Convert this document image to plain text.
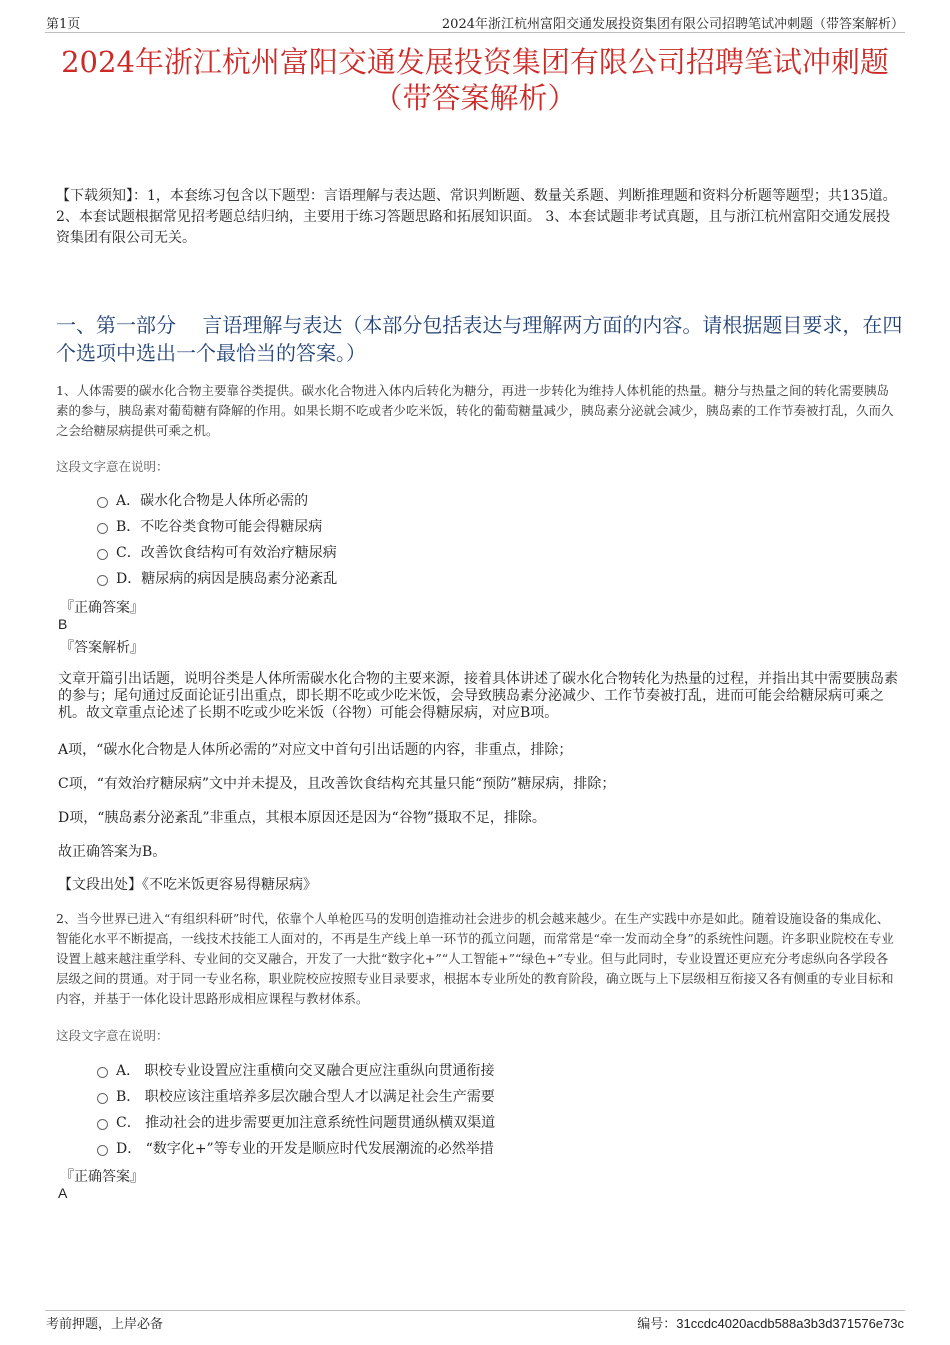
第1页	2024年浙江杭州富阳交通发展投资集团有限公司招聘笔试冲刺题（带答案解析）
2024年浙江杭州富阳交通发展投资集团有限公司招聘笔试冲刺题（带答案解析）
【下载须知】：1，本套练习包含以下题型：言语理解与表达题、常识判断题、数量关系题、判断推理题和资料分析题等题型；共135道。 2、本套试题根据常见招考题总结归纳，主要用于练习答题思路和拓展知识面。 3、本套试题非考试真题，且与浙江杭州富阳交通发展投资集团有限公司无关。
一、第一部分　 言语理解与表达（本部分包括表达与理解两方面的内容。请根据题目要求，在四个选项中选出一个最恰当的答案。）
1、人体需要的碳水化合物主要靠谷类提供。碳水化合物进入体内后转化为糖分，再进一步转化为维持人体机能的热量。糖分与热量之间的转化需要胰岛素的参与，胰岛素对葡萄糖有降解的作用。如果长期不吃或者少吃米饭，转化的葡萄糖量减少，胰岛素分泌就会减少，胰岛素的工作节奏被打乱，久而久之会给糖尿病提供可乘之机。
这段文字意在说明：
A．碳水化合物是人体所必需的
B．不吃谷类食物可能会得糖尿病
C．改善饮食结构可有效治疗糖尿病
D．糖尿病的病因是胰岛素分泌紊乱
『正确答案』
B
『答案解析』
文章开篇引出话题，说明谷类是人体所需碳水化合物的主要来源，接着具体讲述了碳水化合物转化为热量的过程，并指出其中需要胰岛素的参与；尾句通过反面论证引出重点，即长期不吃或少吃米饭，会导致胰岛素分泌减少、工作节奏被打乱，进而可能会给糖尿病可乘之机。故文章重点论述了长期不吃或少吃米饭（谷物）可能会得糖尿病，对应B项。
A项，“碳水化合物是人体所必需的”对应文中首句引出话题的内容，非重点，排除；
C项，“有效治疗糖尿病”文中并未提及，且改善饮食结构充其量只能“预防”糖尿病，排除；
D项，“胰岛素分泌紊乱”非重点，其根本原因还是因为“谷物”摄取不足，排除。
故正确答案为B。
【文段出处】《不吃米饭更容易得糖尿病》
2、当今世界已进入“有组织科研”时代，依靠个人单枪匹马的发明创造推动社会进步的机会越来越少。在生产实践中亦是如此。随着设施设备的集成化、智能化水平不断提高，一线技术技能工人面对的，不再是生产线上单一环节的孤立问题，而常常是“牵一发而动全身”的系统性问题。许多职业院校在专业设置上越来越注重学科、专业间的交叉融合，开发了一大批“数字化+”“人工智能+”“绿色+”专业。但与此同时，专业设置还更应充分考虑纵向各学段各层级之间的贯通。对于同一专业名称，职业院校应按照专业目录要求，根据本专业所处的教育阶段，确立既与上下层级相互衔接又各有侧重的专业目标和内容，并基于一体化设计思路形成相应课程与教材体系。
这段文字意在说明：
A． 职校专业设置应注重横向交叉融合更应注重纵向贯通衔接
B． 职校应该注重培养多层次融合型人才以满足社会生产需要
C． 推动社会的进步需要更加注意系统性问题贯通纵横双渠道
D． “数字化+”等专业的开发是顺应时代发展潮流的必然举措
『正确答案』
A
考前押题，上岸必备	编号：31ccdc4020acdb588a3b3d371576e73c
